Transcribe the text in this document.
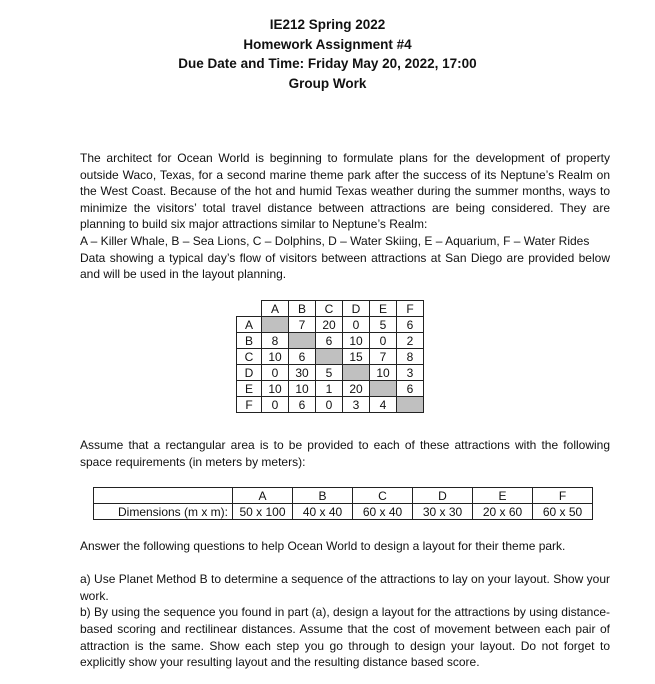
IE212 Spring 2022
Homework Assignment #4
Due Date and Time: Friday May 20, 2022, 17:00
Group Work

The architect for Ocean World is beginning to formulate plans for the development of property outside Waco, Texas, for a second marine theme park after the success of its Neptune’s Realm on the West Coast. Because of the hot and humid Texas weather during the summer months, ways to minimize the visitors’ total travel distance between attractions are being considered. They are planning to build six major attractions similar to Neptune’s Realm:

A – Killer Whale, B – Sea Lions, C – Dolphins, D – Water Skiing, E – Aquarium, F – Water Rides

Data showing a typical day’s flow of visitors between attractions at San Diego are provided below and will be used in the layout planning.

	A	B	C	D	E	F
A		7	20	0	5	6
B	8		6	10	0	2
C	10	6		15	7	8
D	0	30	5		10	3
E	10	10	1	20		6
F	0	6	0	3	4	

Assume that a rectangular area is to be provided to each of these attractions with the following space requirements (in meters by meters):

	A	B	C	D	E	F
Dimensions (m x m):	50 x 100	40 x 40	60 x 40	30 x 30	20 x 60	60 x 50

Answer the following questions to help Ocean World to design a layout for their theme park.

a) Use Planet Method B to determine a sequence of the attractions to lay on your layout. Show your work.

b) By using the sequence you found in part (a), design a layout for the attractions by using distance-based scoring and rectilinear distances. Assume that the cost of movement between each pair of attraction is the same. Show each step you go through to design your layout. Do not forget to explicitly show your resulting layout and the resulting distance based score.
